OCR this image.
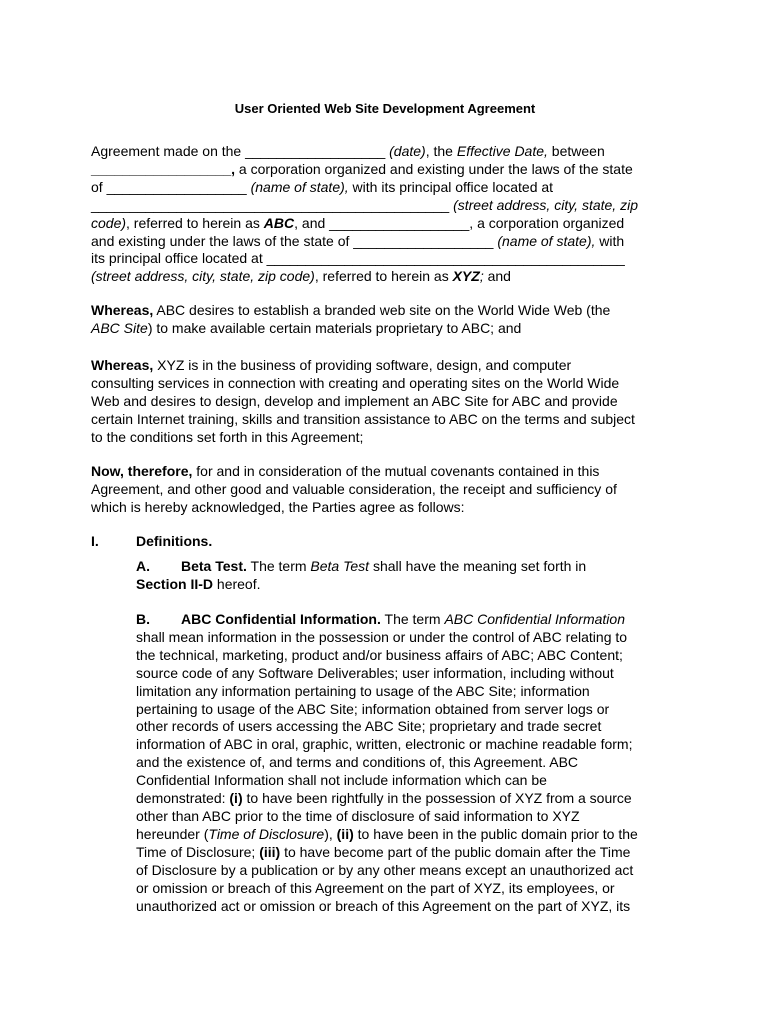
User Oriented Web Site Development Agreement
Agreement made on the __________________ (date), the Effective Date, between
__________________, a corporation organized and existing under the laws of the state
of __________________ (name of state), with its principal office located at
______________________________________________ (street address, city, state, zip
code), referred to herein as ABC, and __________________, a corporation organized
and existing under the laws of the state of __________________ (name of state), with
its principal office located at ______________________________________________
(street address, city, state, zip code), referred to herein as XYZ; and
Whereas, ABC desires to establish a branded web site on the World Wide Web (the
ABC Site) to make available certain materials proprietary to ABC; and
Whereas, XYZ is in the business of providing software, design, and computer
consulting services in connection with creating and operating sites on the World Wide
Web and desires to design, develop and implement an ABC Site for ABC and provide
certain Internet training, skills and transition assistance to ABC on the terms and subject
to the conditions set forth in this Agreement;
Now, therefore, for and in consideration of the mutual covenants contained in this
Agreement, and other good and valuable consideration, the receipt and sufficiency of
which is hereby acknowledged, the Parties agree as follows:
I.	Definitions.
A. Beta Test. The term Beta Test shall have the meaning set forth in
Section II-D hereof.
B. ABC Confidential Information. The term ABC Confidential Information
shall mean information in the possession or under the control of ABC relating to
the technical, marketing, product and/or business affairs of ABC; ABC Content;
source code of any Software Deliverables; user information, including without
limitation any information pertaining to usage of the ABC Site; information
pertaining to usage of the ABC Site; information obtained from server logs or
other records of users accessing the ABC Site; proprietary and trade secret
information of ABC in oral, graphic, written, electronic or machine readable form;
and the existence of, and terms and conditions of, this Agreement. ABC
Confidential Information shall not include information which can be
demonstrated: (i) to have been rightfully in the possession of XYZ from a source
other than ABC prior to the time of disclosure of said information to XYZ
hereunder (Time of Disclosure), (ii) to have been in the public domain prior to the
Time of Disclosure; (iii) to have become part of the public domain after the Time
of Disclosure by a publication or by any other means except an unauthorized act
or omission or breach of this Agreement on the part of XYZ, its employees, or
unauthorized act or omission or breach of this Agreement on the part of XYZ, its
